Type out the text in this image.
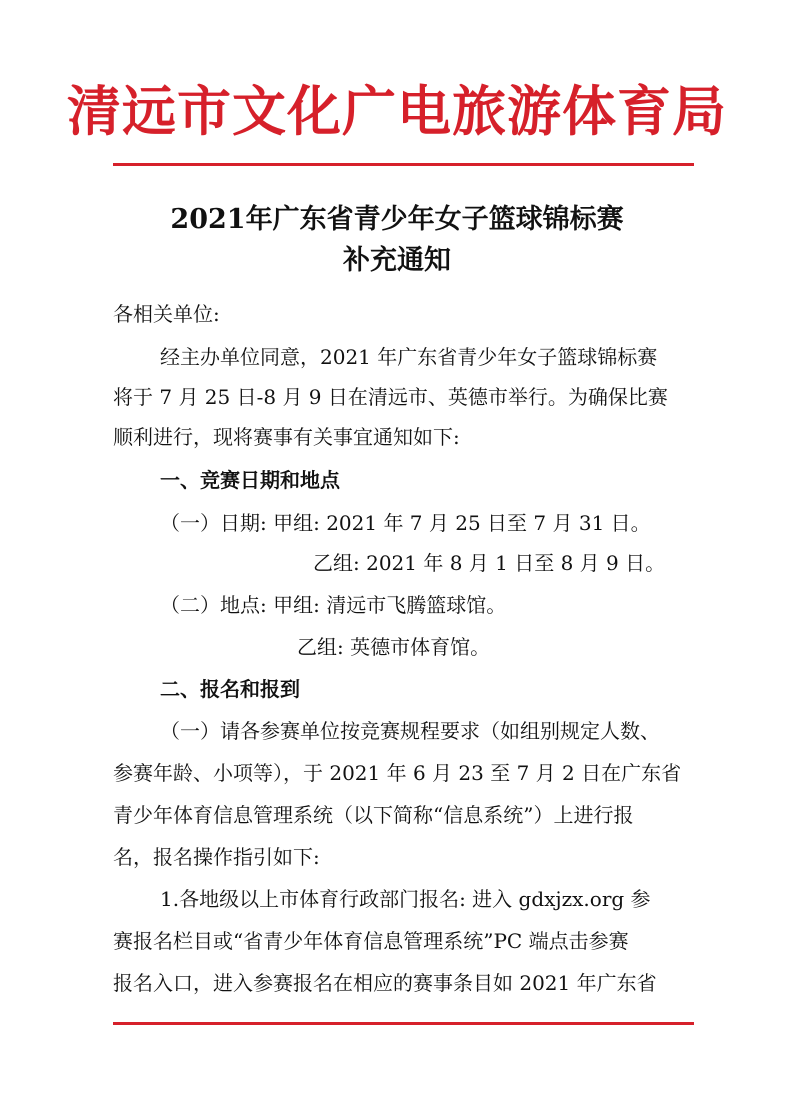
清远市文化广电旅游体育局
2021年广东省青少年女子篮球锦标赛
补充通知
各相关单位:
经主办单位同意，2021 年广东省青少年女子篮球锦标赛
将于 7 月 25 日-8 月 9 日在清远市、英德市举行。为确保比赛
顺利进行，现将赛事有关事宜通知如下:
一、竞赛日期和地点
（一）日期: 甲组: 2021 年 7 月 25 日至 7 月 31 日。
乙组: 2021 年 8 月 1 日至 8 月 9 日。
（二）地点: 甲组: 清远市飞腾篮球馆。
乙组: 英德市体育馆。
二、报名和报到
（一）请各参赛单位按竞赛规程要求（如组别规定人数、
参赛年龄、小项等），于 2021 年 6 月 23 至 7 月 2 日在广东省
青少年体育信息管理系统（以下简称“信息系统”）上进行报
名，报名操作指引如下:
1.各地级以上市体育行政部门报名: 进入 gdxjzx.org 参
赛报名栏目或“省青少年体育信息管理系统”PC 端点击参赛
报名入口，进入参赛报名在相应的赛事条目如 2021 年广东省
